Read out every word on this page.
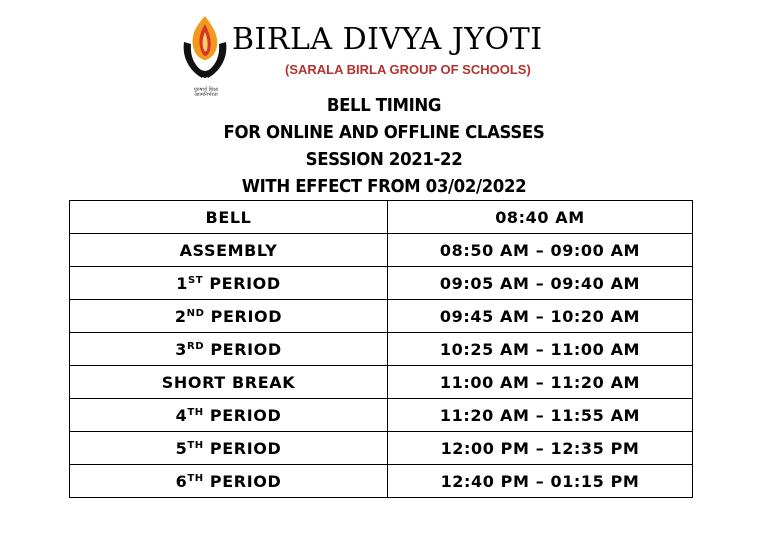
पुरुषार्थ शिक्षा
आत्मनिर्भरता
BIRLA DIVYA JYOTI
(SARALA BIRLA GROUP OF SCHOOLS)
BELL TIMING
FOR ONLINE AND OFFLINE CLASSES
SESSION 2021-22
WITH EFFECT FROM 03/02/2022
BELL	08:40 AM
ASSEMBLY	08:50 AM – 09:00 AM
1ST PERIOD	09:05 AM – 09:40 AM
2ND PERIOD	09:45 AM – 10:20 AM
3RD PERIOD	10:25 AM – 11:00 AM
SHORT BREAK	11:00 AM – 11:20 AM
4TH PERIOD	11:20 AM – 11:55 AM
5TH PERIOD	12:00 PM – 12:35 PM
6TH PERIOD	12:40 PM – 01:15 PM
